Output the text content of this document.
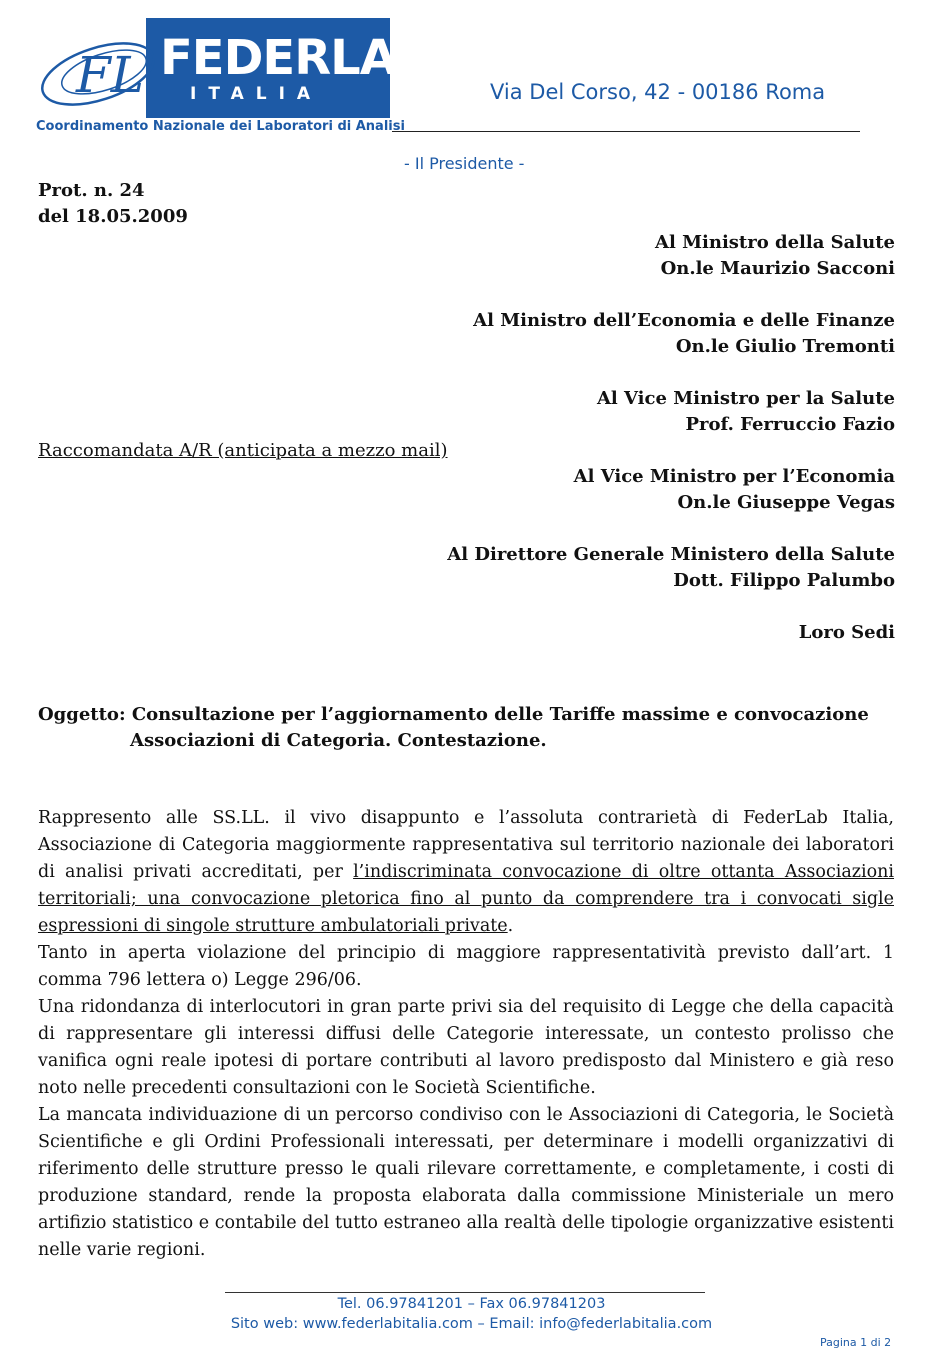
FL FEDERLAB
ITALIA
Coordinamento Nazionale dei Laboratori di Analisi
Via Del Corso, 42 - 00186 Roma
- Il Presidente -
Prot. n. 24
del 18.05.2009
Al Ministro della Salute
On.le Maurizio Sacconi
Al Ministro dell’Economia e delle Finanze
On.le Giulio Tremonti
Al Vice Ministro per la Salute
Prof. Ferruccio Fazio
Al Vice Ministro per l’Economia
On.le Giuseppe Vegas
Al Direttore Generale Ministero della Salute
Dott. Filippo Palumbo
Loro Sedi
Raccomandata A/R (anticipata a mezzo mail)
Oggetto: Consultazione per l’aggiornamento delle Tariffe massime e convocazione
Associazioni di Categoria. Contestazione.

Rappresento alle SS.LL. il vivo disappunto e l’assoluta contrarietà di FederLab Italia, Associazione di Categoria maggiormente rappresentativa sul territorio nazionale dei laboratori di analisi privati accreditati, per l’indiscriminata convocazione di oltre ottanta Associazioni territoriali; una convocazione pletorica fino al punto da comprendere tra i convocati sigle espressioni di singole strutture ambulatoriali private.

Tanto in aperta violazione del principio di maggiore rappresentatività previsto dall’art. 1 comma 796 lettera o) Legge 296/06.

Una ridondanza di interlocutori in gran parte privi sia del requisito di Legge che della capacità di rappresentare gli interessi diffusi delle Categorie interessate, un contesto prolisso che vanifica ogni reale ipotesi di portare contributi al lavoro predisposto dal Ministero e già reso noto nelle precedenti consultazioni con le Società Scientifiche.

La mancata individuazione di un percorso condiviso con le Associazioni di Categoria, le Società Scientifiche e gli Ordini Professionali interessati, per determinare i modelli organizzativi di riferimento delle strutture presso le quali rilevare correttamente, e completamente, i costi di produzione standard, rende la proposta elaborata dalla commissione Ministeriale un mero artifizio statistico e contabile del tutto estraneo alla realtà delle tipologie organizzative esistenti nelle varie regioni.

Tel. 06.97841201 – Fax 06.97841203
Sito web: www.federlabitalia.com – Email: info@federlabitalia.com
Pagina 1 di 2
